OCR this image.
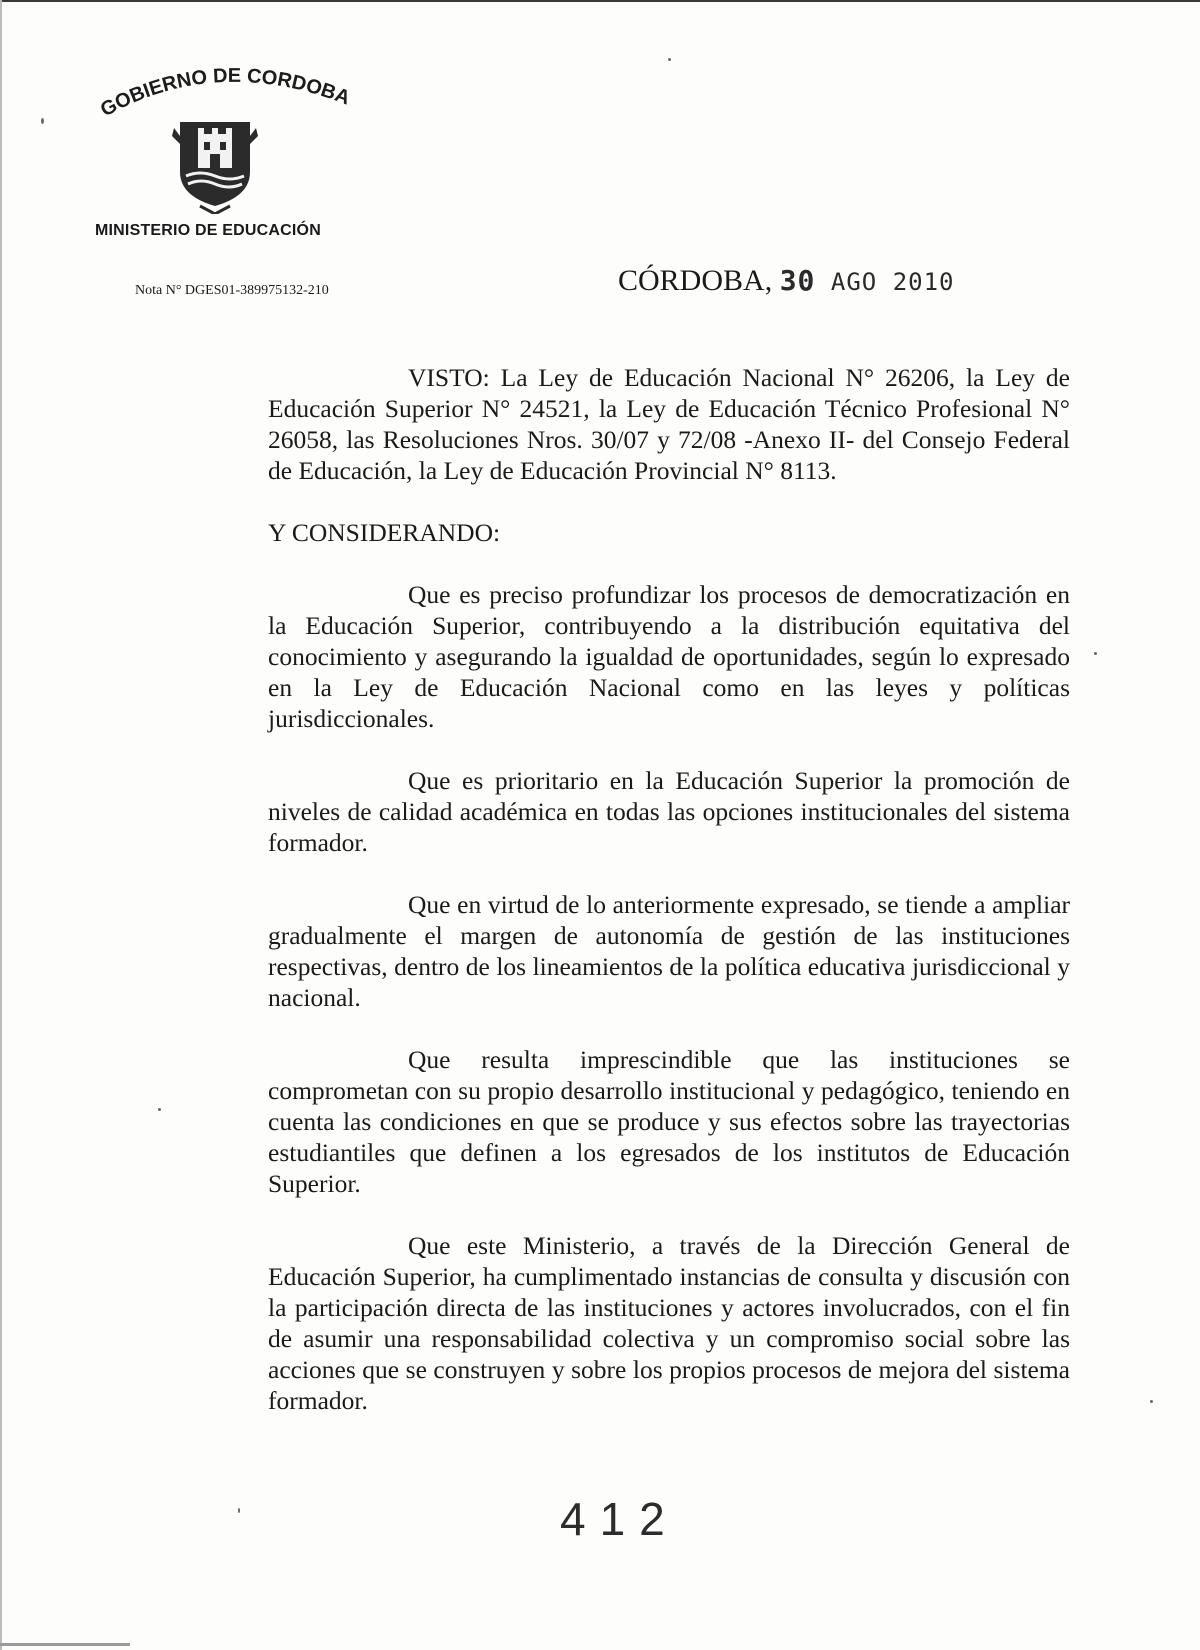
GOBIERNO DE CORDOBA
MINISTERIO DE EDUCACIÓN
Nota N° DGES01-389975132-210	CÓRDOBA, 30 AGO 2010

VISTO: La Ley de Educación Nacional N° 26206, la Ley de Educación Superior N° 24521, la Ley de Educación Técnico Profesional N° 26058, las Resoluciones Nros. 30/07 y 72/08 -Anexo II- del Consejo Federal de Educación, la Ley de Educación Provincial N° 8113.

Y CONSIDERANDO:

Que es preciso profundizar los procesos de democratización en la Educación Superior, contribuyendo a la distribución equitativa del conocimiento y asegurando la igualdad de oportunidades, según lo expresado en la Ley de Educación Nacional como en las leyes y políticas jurisdiccionales.

Que es prioritario en la Educación Superior la promoción de niveles de calidad académica en todas las opciones institucionales del sistema formador.

Que en virtud de lo anteriormente expresado, se tiende a ampliar gradualmente el margen de autonomía de gestión de las instituciones respectivas, dentro de los lineamientos de la política educativa jurisdiccional y nacional.

Que resulta imprescindible que las instituciones se comprometan con su propio desarrollo institucional y pedagógico, teniendo en cuenta las condiciones en que se produce y sus efectos sobre las trayectorias estudiantiles que definen a los egresados de los institutos de Educación Superior.

Que este Ministerio, a través de la Dirección General de Educación Superior, ha cumplimentado instancias de consulta y discusión con la participación directa de las instituciones y actores involucrados, con el fin de asumir una responsabilidad colectiva y un compromiso social sobre las acciones que se construyen y sobre los propios procesos de mejora del sistema formador.

412
